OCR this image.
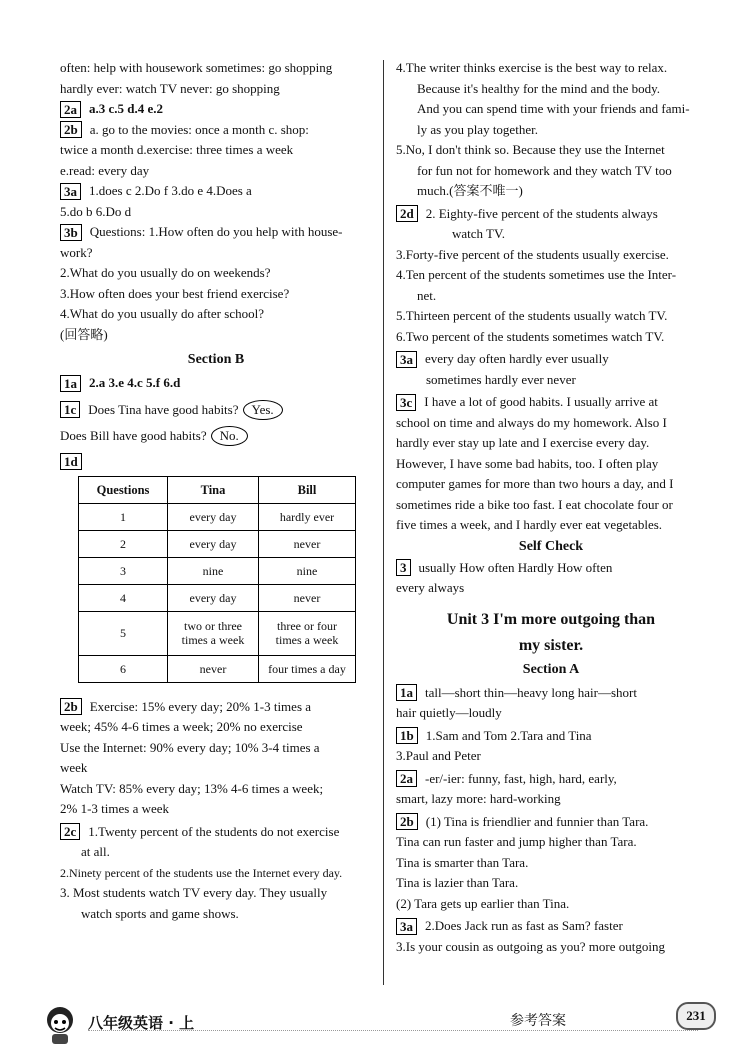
often: help with housework sometimes: go shopping
hardly ever: watch TV never: go shopping
2a a.3 c.5 d.4 e.2
2b a. go to the movies: once a month c. shop:
twice a month d.exercise: three times a week
e.read: every day
3a 1.does c 2.Do f 3.do e 4.Does a
5.do b 6.Do d
3b Questions: 1.How often do you help with house-
work?
2.What do you usually do on weekends?
3.How often does your best friend exercise?
4.What do you usually do after school?
(回答略)
Section B
1a 2.a 3.e 4.c 5.f 6.d
1c Does Tina have good habits?	Yes.
Does Bill have good habits? No.
1d
Questions	Tina	Bill
1	every day	hardly ever
2	every day	never
3	nine	nine
4	every day	never
5	two or three times a week	three or four times a week
6	never	four times a day
2b Exercise: 15% every day; 20% 1-3 times a
week; 45% 4-6 times a week; 20% no exercise
Use the Internet: 90% every day; 10% 3-4 times a
week
Watch TV: 85% every day; 13% 4-6 times a week;
2% 1-3 times a week
2c 1.Twenty percent of the students do not exercise
at all.
2.Ninety percent of the students use the Internet every day.
3. Most students watch TV every day. They usually
watch sports and game shows.
4.The writer thinks exercise is the best way to relax.
Because it's healthy for the mind and the body.
And you can spend time with your friends and fami-
ly as you play together.
5.No, I don't think so. Because they use the Internet
for fun not for homework and they watch TV too
much.(答案不唯一)
2d 2. Eighty-five percent of the students always
watch TV.
3.Forty-five percent of the students usually exercise.
4.Ten percent of the students sometimes use the Inter-
net.
5.Thirteen percent of the students usually watch TV.
6.Two percent of the students sometimes watch TV.
3a every day often hardly ever usually
sometimes hardly ever never
3c I have a lot of good habits. I usually arrive at
school on time and always do my homework. Also I
hardly ever stay up late and I exercise every day.
However, I have some bad habits, too. I often play
computer games for more than two hours a day, and I
sometimes ride a bike too fast. I eat chocolate four or
five times a week, and I hardly ever eat vegetables.
Self Check
3 usually How often Hardly How often
every always
Unit 3 I'm more outgoing than
my sister.
Section A
1a tall—short thin—heavy long hair—short
hair quietly—loudly
1b 1.Sam and Tom 2.Tara and Tina
3.Paul and Peter
2a -er/-ier: funny, fast, high, hard, early,
smart, lazy more: hard-working
2b (1) Tina is friendlier and funnier than Tara.
Tina can run faster and jump higher than Tara.
Tina is smarter than Tara.
Tina is lazier than Tara.
(2) Tara gets up earlier than Tina.
3a 2.Does Jack run as fast as Sam? faster
3.Is your cousin as outgoing as you? more outgoing
八年级英语 · 上	参考答案	231
